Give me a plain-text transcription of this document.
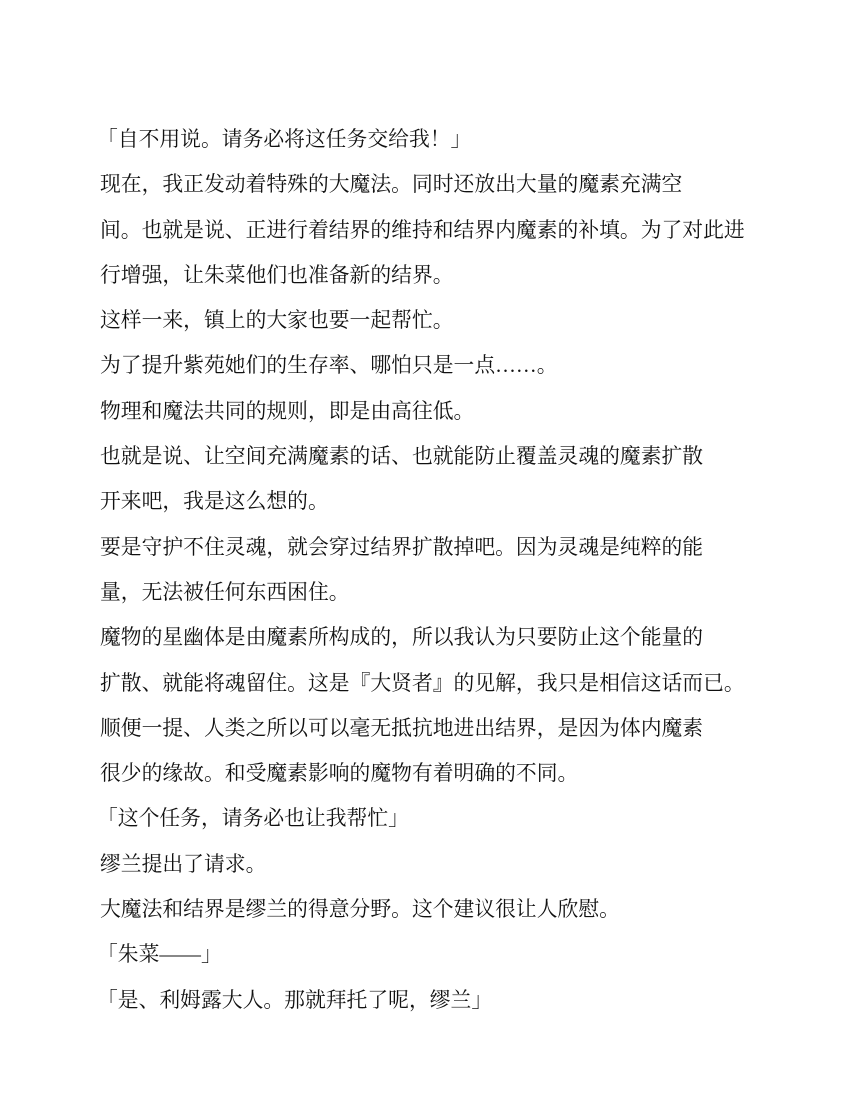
「自不用说。请务必将这任务交给我！」
现在，我正发动着特殊的大魔法。同时还放出大量的魔素充满空
间。也就是说、正进行着结界的维持和结界内魔素的补填。为了对此进
行增强，让朱菜他们也准备新的结界。
这样一来，镇上的大家也要一起帮忙。
为了提升紫苑她们的生存率、哪怕只是一点……。
物理和魔法共同的规则，即是由高往低。
也就是说、让空间充满魔素的话、也就能防止覆盖灵魂的魔素扩散
开来吧，我是这么想的。
要是守护不住灵魂，就会穿过结界扩散掉吧。因为灵魂是纯粹的能
量，无法被任何东西困住。
魔物的星幽体是由魔素所构成的，所以我认为只要防止这个能量的
扩散、就能将魂留住。这是『大贤者』的见解，我只是相信这话而已。
顺便一提、人类之所以可以毫无抵抗地进出结界，是因为体内魔素
很少的缘故。和受魔素影响的魔物有着明确的不同。
「这个任务，请务必也让我帮忙」
缪兰提出了请求。
大魔法和结界是缪兰的得意分野。这个建议很让人欣慰。
「朱菜——」
「是、利姆露大人。那就拜托了呢，缪兰」
